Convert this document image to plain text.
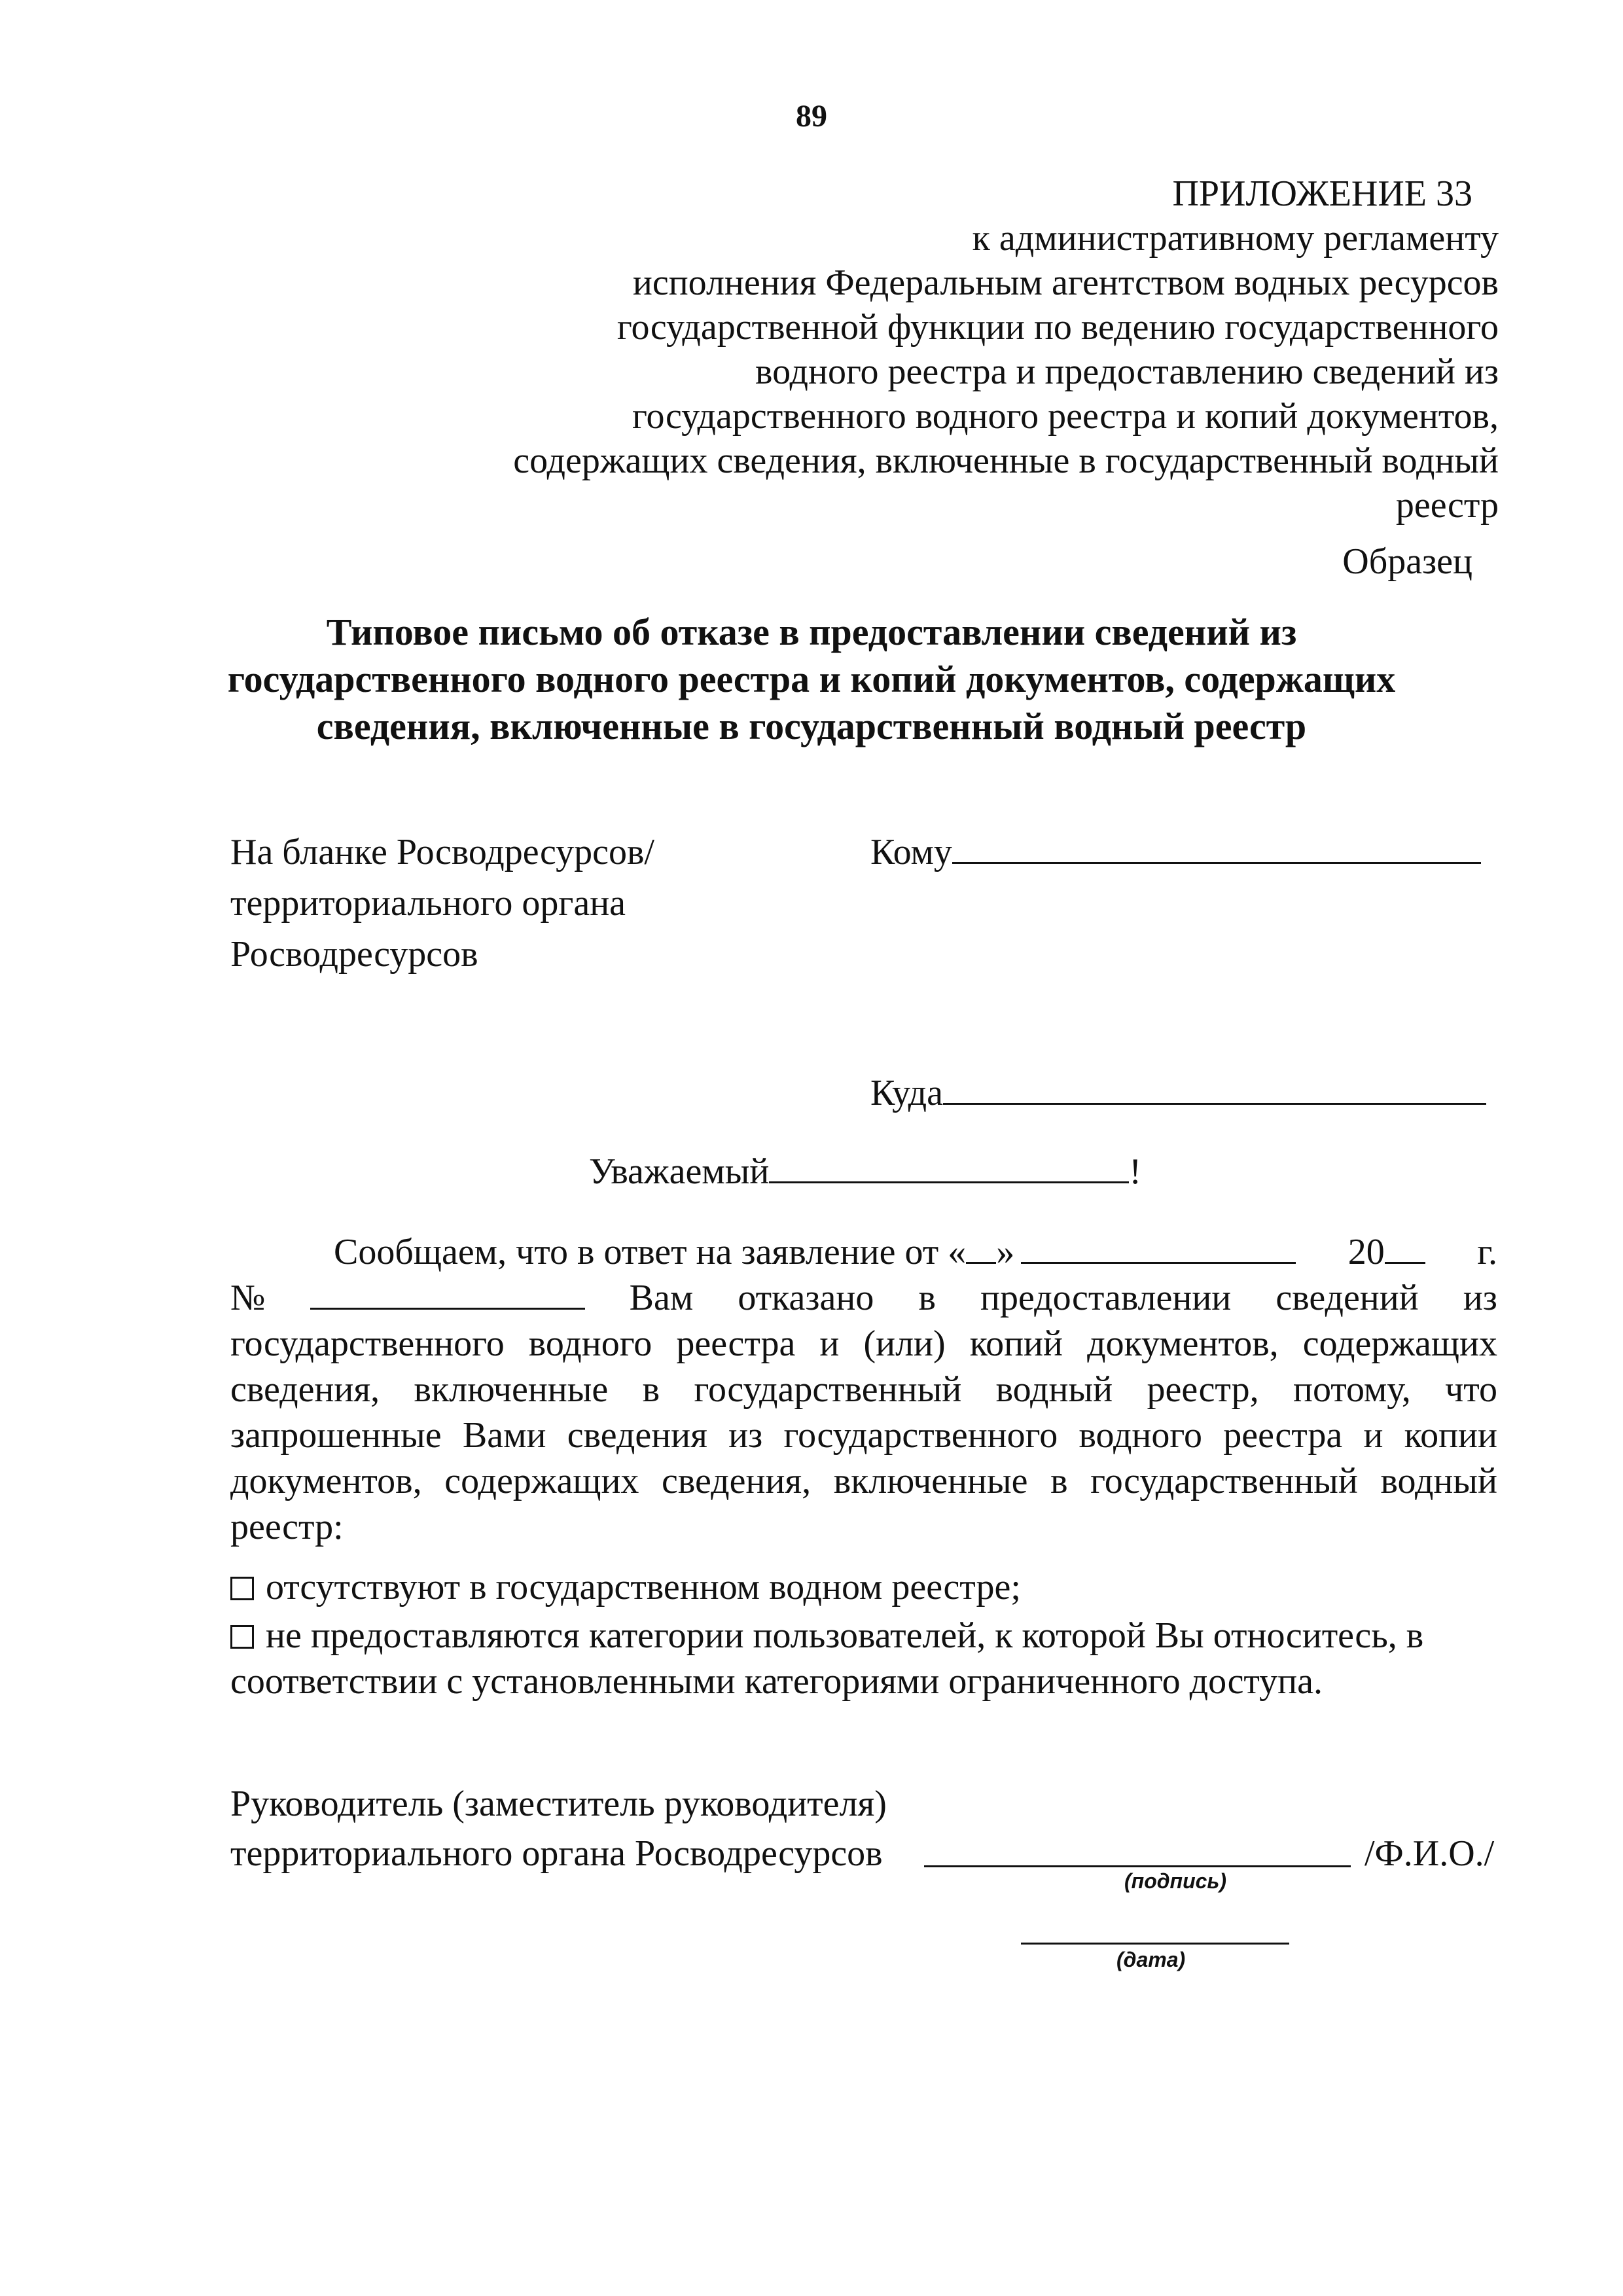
89
ПРИЛОЖЕНИЕ 33
к административному регламенту
исполнения Федеральным агентством водных ресурсов
государственной функции по ведению государственного
водного реестра и предоставлению сведений из
государственного водного реестра и копий документов,
содержащих сведения, включенные в государственный водный
реестр
Образец
Типовое письмо об отказе в предоставлении сведений из
государственного водного реестра и копий документов, содержащих
сведения, включенные в государственный водный реестр
На бланке Росводресурсов/
территориального органа
Росводресурсов
Кому
Куда
Уважаемый	!
Сообщаем, что в ответ на заявление от « »	20	г.
№	Вам отказано в предоставлении сведений из

государственного водного реестра и (или) копий документов, содержащих сведения, включенные в государственный водный реестр, потому, что запрошенные Вами сведения из государственного водного реестра и копии документов, содержащих сведения, включенные в государственный водный реестр:

отсутствуют в государственном водном реестре;
не предоставляются категории пользователей, к которой Вы относитесь, в
соответствии с установленными категориями ограниченного доступа.
Руководитель (заместитель руководителя)
территориального органа Росводресурсов	/Ф.И.О./
(подпись)
(дата)
